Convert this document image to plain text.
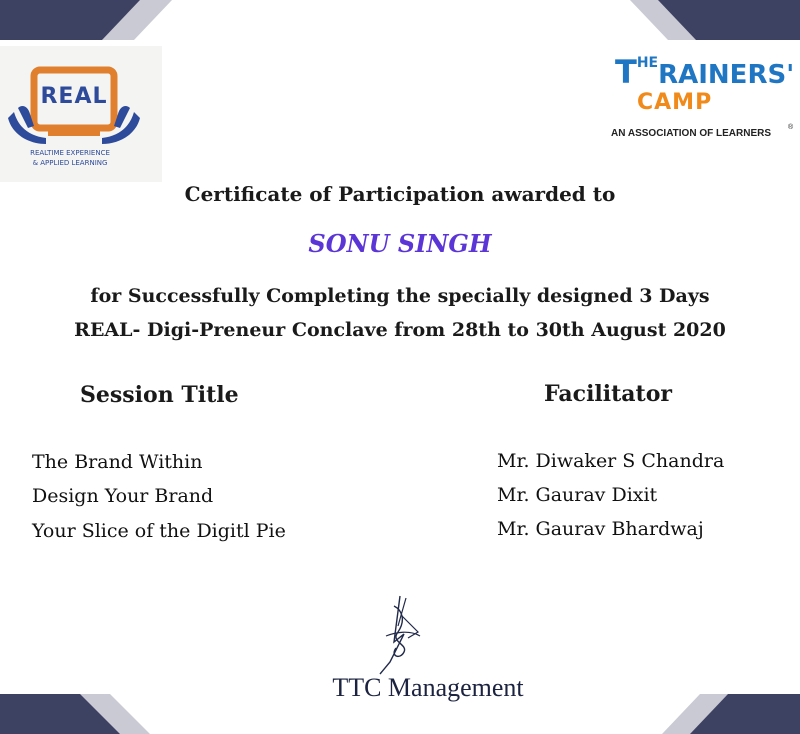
REAL
REALTIME EXPERIENCE
& APPLIED LEARNING
THERAINERS'
CAMP
AN ASSOCIATION OF LEARNERS
®
Certificate of Participation awarded to
SONU SINGH
for Successfully Completing the specially designed 3 Days
REAL- Digi-Preneur Conclave from 28th to 30th August 2020
Session Title	Facilitator
The Brand Within
Design Your Brand
Your Slice of the Digitl Pie
Mr. Diwaker S Chandra
Mr. Gaurav Dixit
Mr. Gaurav Bhardwaj
TTC Management
